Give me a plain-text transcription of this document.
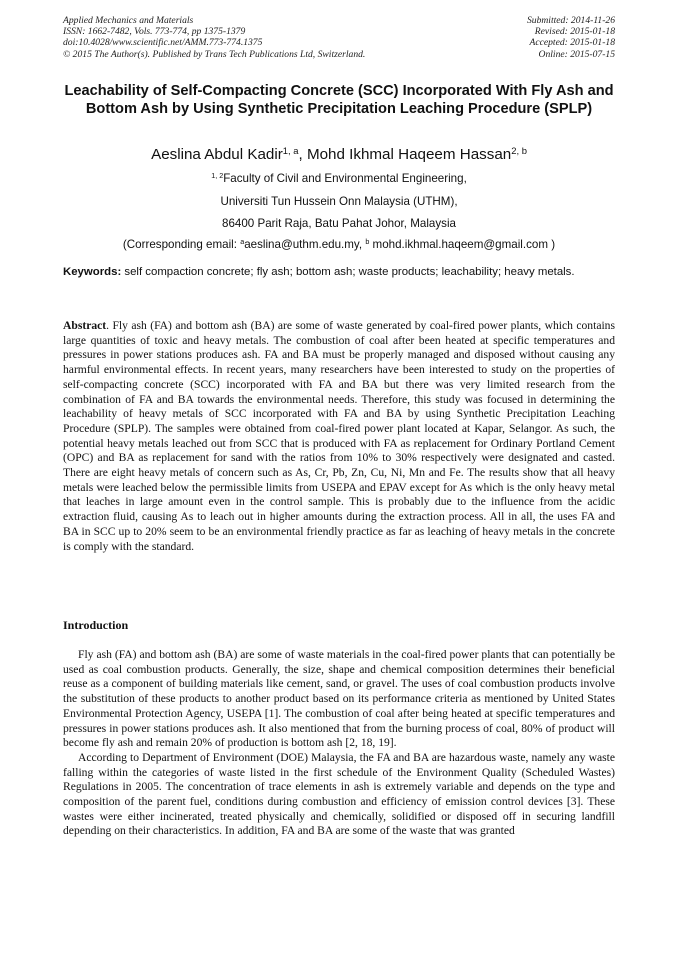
Applied Mechanics and Materials
ISSN: 1662-7482, Vols. 773-774, pp 1375-1379
doi:10.4028/www.scientific.net/AMM.773-774.1375
© 2015 The Author(s). Published by Trans Tech Publications Ltd, Switzerland.
Submitted: 2014-11-26
Revised: 2015-01-18
Accepted: 2015-01-18
Online: 2015-07-15
Leachability of Self-Compacting Concrete (SCC) Incorporated With Fly Ash and Bottom Ash by Using Synthetic Precipitation Leaching Procedure (SPLP)
Aeslina Abdul Kadir$^{1, a}$, Mohd Ikhmal Haqeem Hassan$^{2, b}$
$^{1, 2}$Faculty of Civil and Environmental Engineering,
Universiti Tun Hussein Onn Malaysia (UTHM),
86400 Parit Raja, Batu Pahat Johor, Malaysia
(Corresponding email: $^a$aeslina@uthm.edu.my, $^b$ mohd.ikhmal.haqeem@gmail.com )
Keywords: self compaction concrete; fly ash; bottom ash; waste products; leachability; heavy metals.

Abstract. Fly ash (FA) and bottom ash (BA) are some of waste generated by coal-fired power plants, which contains large quantities of toxic and heavy metals. The combustion of coal after been heated at specific temperatures and pressures in power stations produces ash. FA and BA must be properly managed and disposed without causing any harmful environmental effects. In recent years, many researchers have been interested to study on the properties of self-compacting concrete (SCC) incorporated with FA and BA but there was very limited research from the combination of FA and BA towards the environmental needs. Therefore, this study was focused in determining the leachability of heavy metals of SCC incorporated with FA and BA by using Synthetic Precipitation Leaching Procedure (SPLP). The samples were obtained from coal-fired power plant located at Kapar, Selangor. As such, the potential heavy metals leached out from SCC that is produced with FA as replacement for Ordinary Portland Cement (OPC) and BA as replacement for sand with the ratios from 10% to 30% respectively were designated and casted. There are eight heavy metals of concern such as As, Cr, Pb, Zn, Cu, Ni, Mn and Fe. The results show that all heavy metals were leached below the permissible limits from USEPA and EPAV except for As which is the only heavy metal that leaches in large amount even in the control sample. This is probably due to the influence from the acidic extraction fluid, causing As to leach out in higher amounts during the extraction process. All in all, the uses FA and BA in SCC up to 20% seem to be an environmental friendly practice as far as leaching of heavy metals in the concrete is comply with the standard.

Introduction

Fly ash (FA) and bottom ash (BA) are some of waste materials in the coal-fired power plants that can potentially be used as coal combustion products. Generally, the size, shape and chemical composition determines their beneficial reuse as a component of building materials like cement, sand, or gravel. The uses of coal combustion products involve the substitution of these products to another product based on its performance criteria as mentioned by United States Environmental Protection Agency, USEPA [1]. The combustion of coal after being heated at specific temperatures and pressures in power stations produces ash. It also mentioned that from the burning process of coal, 80% of product will become fly ash and remain 20% of production is bottom ash [2, 18, 19].

According to Department of Environment (DOE) Malaysia, the FA and BA are hazardous waste, namely any waste falling within the categories of waste listed in the first schedule of the Environment Quality (Scheduled Wastes) Regulations in 2005. The concentration of trace elements in ash is extremely variable and depends on the type and composition of the parent fuel, conditions during combustion and efficiency of emission control devices [3]. These wastes were either incinerated, treated physically and chemically, solidified or disposed off in securing landfill depending on their characteristics. In addition, FA and BA are some of the waste that was granted
